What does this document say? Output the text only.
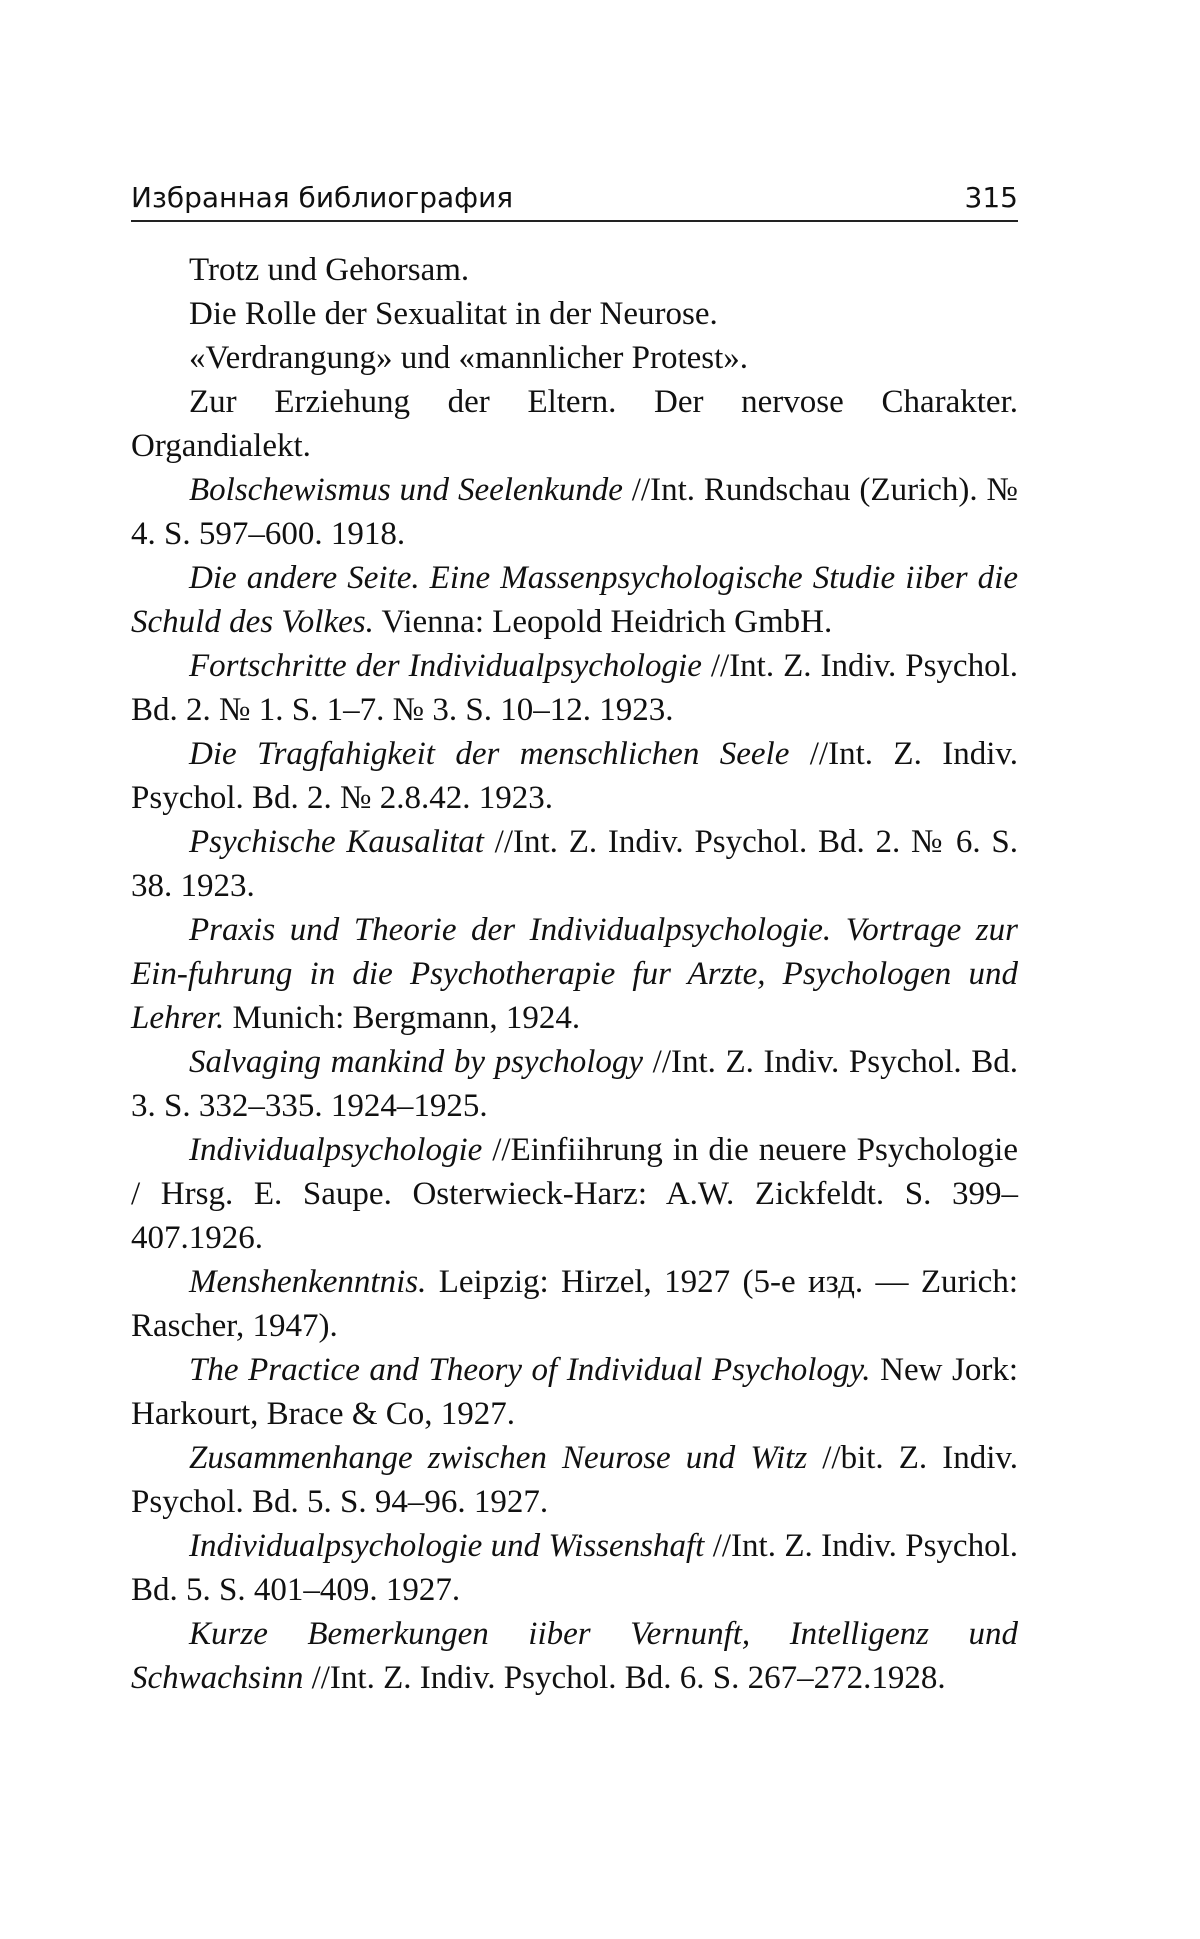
Избранная библиография	315

Trotz und Gehorsam.

Die Rolle der Sexualitat in der Neurose.

«Verdrangung» und «mannlicher Protest».

Zur Erziehung der Eltern. Der nervose Charakter. Organdialekt.

Bolschewismus und Seelenkunde //Int. Rundschau (Zurich). № 4. S. 597–600. 1918.

Die andere Seite. Eine Massenpsychologische Studie iiber die Schuld des Volkes. Vienna: Leopold Heidrich GmbH.

Fortschritte der Individualpsychologie //Int. Z. Indiv. Psychol. Bd. 2. № 1. S. 1–7. № 3. S. 10–12. 1923.

Die Tragfahigkeit der menschlichen Seele //Int. Z. Indiv. Psychol. Bd. 2. № 2.8.42. 1923.

Psychische Kausalitat //Int. Z. Indiv. Psychol. Bd. 2. № 6. S. 38. 1923.

Praxis und Theorie der Individualpsychologie. Vortrage zur Ein-fuhrung in die Psychotherapie fur Arzte, Psychologen und Lehrer. Munich: Bergmann, 1924.

Salvaging mankind by psychology //Int. Z. Indiv. Psychol. Bd. 3. S. 332–335. 1924–1925.

Individualpsychologie //Einfiihrung in die neuere Psychologie / Hrsg. E. Saupe. Osterwieck-Harz: A.W. Zickfeldt. S. 399–407.1926.

Menshenkenntnis. Leipzig: Hirzel, 1927 (5-е изд. — Zurich: Rascher, 1947).

The Practice and Theory of Individual Psychology. New Jork: Harkourt, Brace & Co, 1927.

Zusammenhange zwischen Neurose und Witz //bit. Z. Indiv. Psychol. Bd. 5. S. 94–96. 1927.

Individualpsychologie und Wissenshaft //Int. Z. Indiv. Psychol. Bd. 5. S. 401–409. 1927.

Kurze Bemerkungen iiber Vernunft, Intelligenz und Schwachsinn //Int. Z. Indiv. Psychol. Bd. 6. S. 267–272.1928.
